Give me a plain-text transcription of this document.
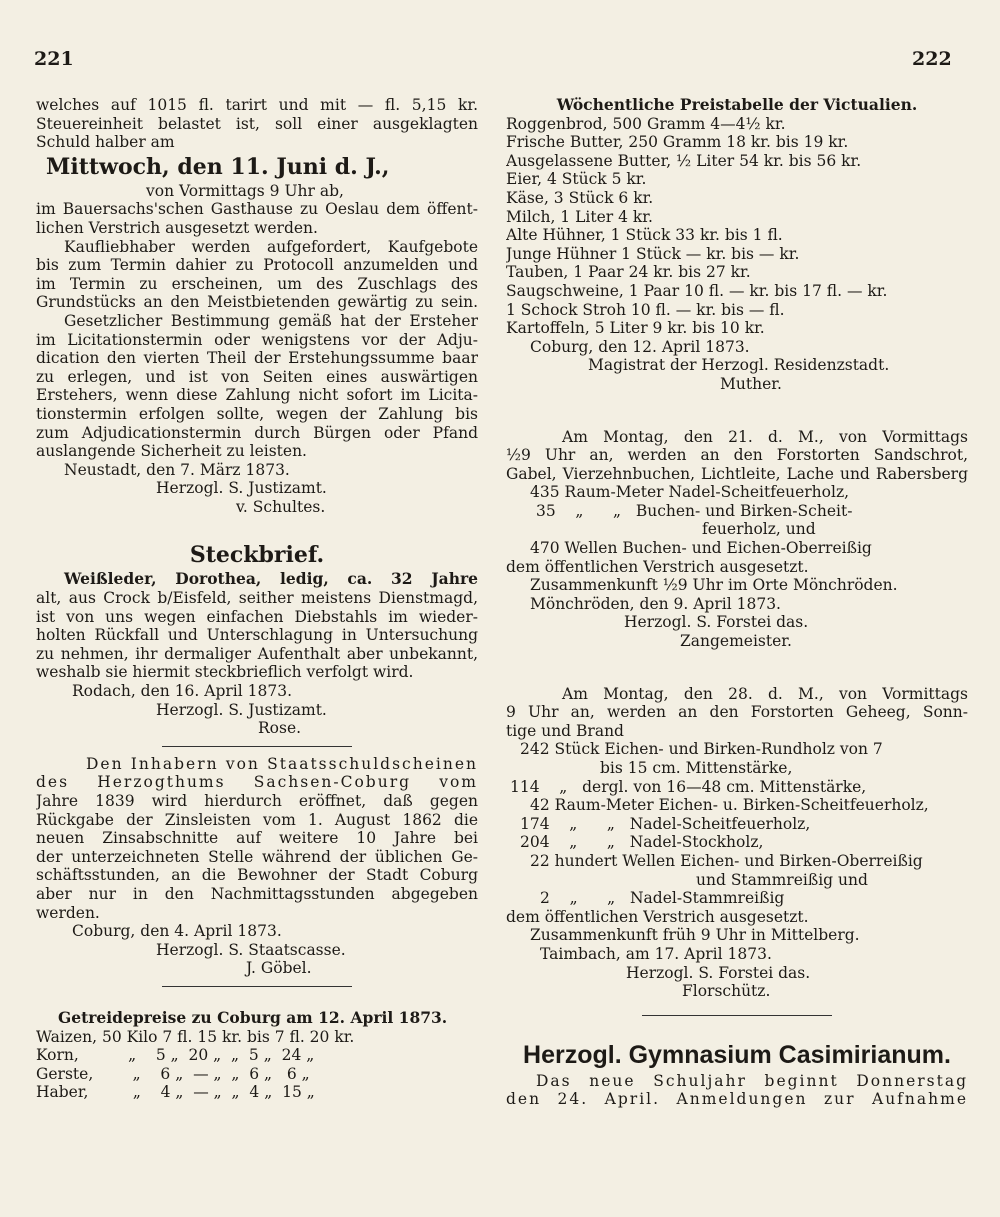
221	222
welches auf 1015 fl. tarirt und mit — fl. 5,15 kr.
Steuereinheit belastet ist, soll einer ausgeklagten
Schuld halber am
Mittwoch, den 11. Juni d. J.,
von Vormittags 9 Uhr ab,
im Bauersachs'schen Gasthause zu Oeslau dem öffent-
lichen Verstrich ausgesetzt werden.
Kaufliebhaber werden aufgefordert, Kaufgebote
bis zum Termin dahier zu Protocoll anzumelden und
im Termin zu erscheinen, um des Zuschlags des
Grundstücks an den Meistbietenden gewärtig zu sein.
Gesetzlicher Bestimmung gemäß hat der Ersteher
im Licitationstermin oder wenigstens vor der Adju-
dication den vierten Theil der Erstehungssumme baar
zu erlegen, und ist von Seiten eines auswärtigen
Erstehers, wenn diese Zahlung nicht sofort im Licita-
tionstermin erfolgen sollte, wegen der Zahlung bis
zum Adjudicationstermin durch Bürgen oder Pfand
auslangende Sicherheit zu leisten.
Neustadt, den 7. März 1873.
Herzogl. S. Justizamt.
v. Schultes.
Steckbrief.
Weißleder, Dorothea, ledig, ca. 32 Jahre
alt, aus Crock b/Eisfeld, seither meistens Dienstmagd,
ist von uns wegen einfachen Diebstahls im wieder-
holten Rückfall und Unterschlagung in Untersuchung
zu nehmen, ihr dermaliger Aufenthalt aber unbekannt,
weshalb sie hiermit steckbrieflich verfolgt wird.
Rodach, den 16. April 1873.
Herzogl. S. Justizamt.
Rose.
Den Inhabern von Staatsschuldscheinen
des Herzogthums Sachsen-Coburg vom
Jahre 1839 wird hierdurch eröffnet, daß gegen
Rückgabe der Zinsleisten vom 1. August 1862 die
neuen Zinsabschnitte auf weitere 10 Jahre bei
der unterzeichneten Stelle während der üblichen Ge-
schäftsstunden, an die Bewohner der Stadt Coburg
aber nur in den Nachmittagsstunden abgegeben werden.
Coburg, den 4. April 1873.
Herzogl. S. Staatscasse.
J. Göbel.
Getreidepreise zu Coburg am 12. April 1873.
Waizen, 50 Kilo 7 fl. 15 kr. bis 7 fl. 20 kr.
Korn,          „    5 „  20 „  „  5 „  24 „
Gerste,        „    6 „  — „  „  6 „   6 „
Haber,         „    4 „  — „  „  4 „  15 „
Wöchentliche Preistabelle der Victualien.
Roggenbrod, 500 Gramm 4—4½ kr.
Frische Butter, 250 Gramm 18 kr. bis 19 kr.
Ausgelassene Butter, ½ Liter 54 kr. bis 56 kr.
Eier, 4 Stück 5 kr.
Käse, 3 Stück 6 kr.
Milch, 1 Liter 4 kr.
Alte Hühner, 1 Stück 33 kr. bis 1 fl.
Junge Hühner 1 Stück — kr. bis — kr.
Tauben, 1 Paar 24 kr. bis 27 kr.
Saugschweine, 1 Paar 10 fl. — kr. bis 17 fl. — kr.
1 Schock Stroh 10 fl. — kr. bis — fl.
Kartoffeln, 5 Liter 9 kr. bis 10 kr.
Coburg, den 12. April 1873.
Magistrat der Herzogl. Residenzstadt.
Muther.
Am Montag, den 21. d. M., von Vormittags
½9 Uhr an, werden an den Forstorten Sandschrot,
Gabel, Vierzehnbuchen, Lichtleite, Lache und Rabersberg
435 Raum-Meter Nadel-Scheitfeuerholz,
35    „      „   Buchen- und Birken-Scheit-
feuerholz, und
470 Wellen Buchen- und Eichen-Oberreißig
dem öffentlichen Verstrich ausgesetzt.
Zusammenkunft ½9 Uhr im Orte Mönchröden.
Mönchröden, den 9. April 1873.
Herzogl. S. Forstei das.
Zangemeister.
Am Montag, den 28. d. M., von Vormittags
9 Uhr an, werden an den Forstorten Geheeg, Sonn-
tige und Brand
242 Stück Eichen- und Birken-Rundholz von 7
bis 15 cm. Mittenstärke,
114    „   dergl. von 16—48 cm. Mittenstärke,
42 Raum-Meter Eichen- u. Birken-Scheitfeuerholz,
174    „      „   Nadel-Scheitfeuerholz,
204    „      „   Nadel-Stockholz,
22 hundert Wellen Eichen- und Birken-Oberreißig
und Stammreißig und
2    „      „   Nadel-Stammreißig
dem öffentlichen Verstrich ausgesetzt.
Zusammenkunft früh 9 Uhr in Mittelberg.
Taimbach, am 17. April 1873.
Herzogl. S. Forstei das.
Florschütz.
Herzogl. Gymnasium Casimirianum.
Das neue Schuljahr beginnt Donnerstag
den 24. April. Anmeldungen zur Aufnahme
